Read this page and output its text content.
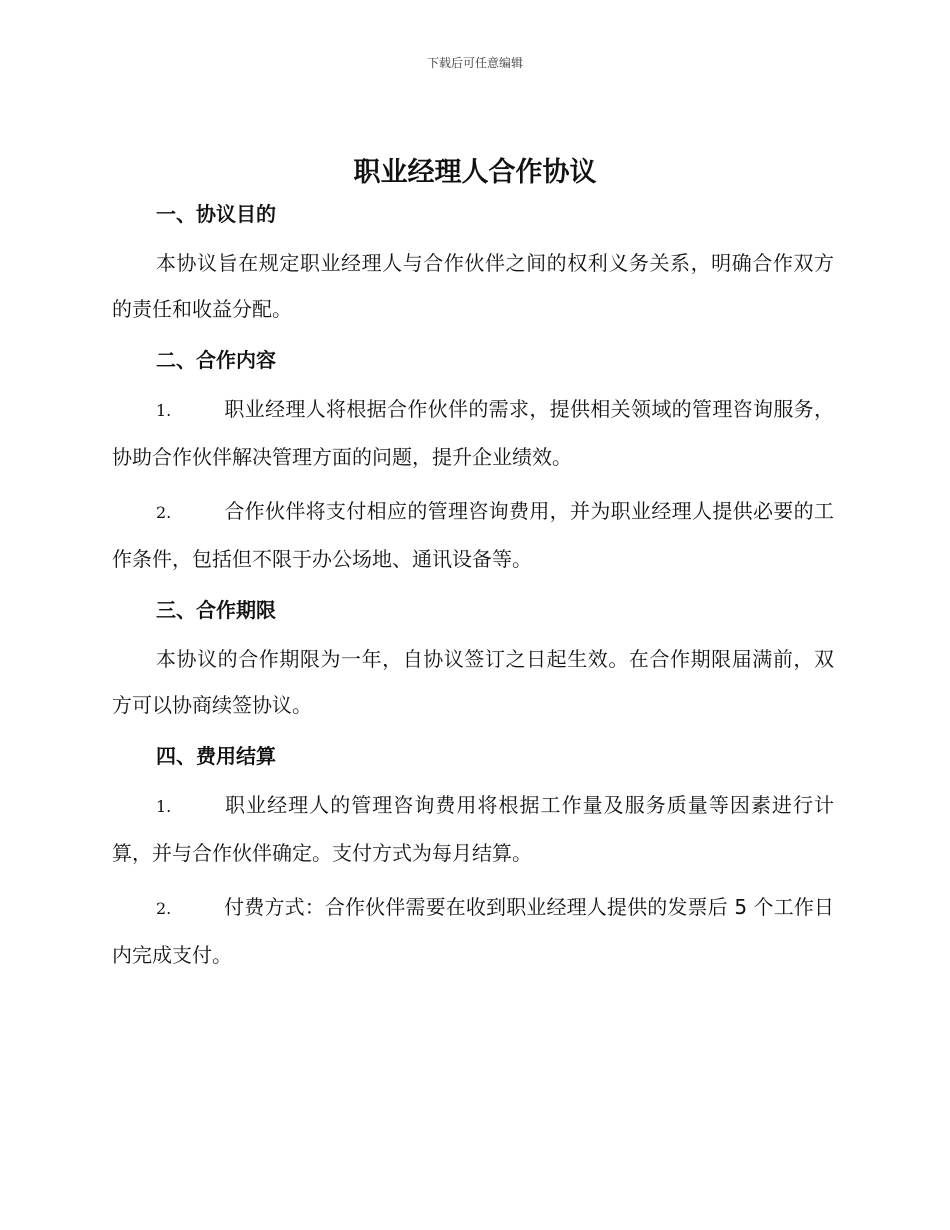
下载后可任意编辑
职业经理人合作协议
一、协议目的

本协议旨在规定职业经理人与合作伙伴之间的权利义务关系，明确合作双方的责任和收益分配。

二、合作内容

1.	职业经理人将根据合作伙伴的需求，提供相关领域的管理咨询服务，协助合作伙伴解决管理方面的问题，提升企业绩效。

2.	合作伙伴将支付相应的管理咨询费用，并为职业经理人提供必要的工作条件，包括但不限于办公场地、通讯设备等。

三、合作期限

本协议的合作期限为一年，自协议签订之日起生效。在合作期限届满前，双方可以协商续签协议。

四、费用结算

1.	职业经理人的管理咨询费用将根据工作量及服务质量等因素进行计算，并与合作伙伴确定。支付方式为每月结算。

2.	付费方式：合作伙伴需要在收到职业经理人提供的发票后 5 个工作日内完成支付。
